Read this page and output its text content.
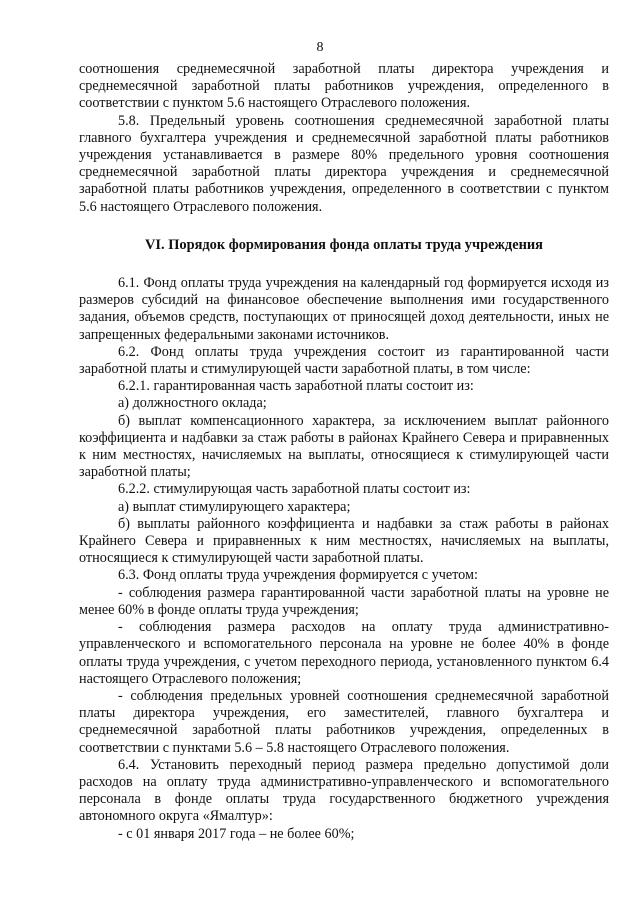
8

соотношения среднемесячной заработной платы директора учреждения и среднемесячной заработной платы работников учреждения, определенного в соответствии с пунктом 5.6 настоящего Отраслевого положения.

5.8. Предельный уровень соотношения среднемесячной заработной платы главного бухгалтера учреждения и среднемесячной заработной платы работников учреждения устанавливается в размере 80% предельного уровня соотношения среднемесячной заработной платы директора учреждения и среднемесячной заработной платы работников учреждения, определенного в соответствии с пунктом 5.6 настоящего Отраслевого положения.

VI. Порядок формирования фонда оплаты труда учреждения

6.1. Фонд оплаты труда учреждения на календарный год формируется исходя из размеров субсидий на финансовое обеспечение выполнения ими государственного задания, объемов средств, поступающих от приносящей доход деятельности, иных не запрещенных федеральными законами источников.

6.2. Фонд оплаты труда учреждения состоит из гарантированной части заработной платы и стимулирующей части заработной платы, в том числе:

6.2.1. гарантированная часть заработной платы состоит из:

а) должностного оклада;

б) выплат компенсационного характера, за исключением выплат районного коэффициента и надбавки за стаж работы в районах Крайнего Севера и приравненных к ним местностях, начисляемых на выплаты, относящиеся к стимулирующей части заработной платы;

6.2.2. стимулирующая часть заработной платы состоит из:

а) выплат стимулирующего характера;

б) выплаты районного коэффициента и надбавки за стаж работы в районах Крайнего Севера и приравненных к ним местностях, начисляемых на выплаты, относящиеся к стимулирующей части заработной платы.

6.3. Фонд оплаты труда учреждения формируется с учетом:

- соблюдения размера гарантированной части заработной платы на уровне не менее 60% в фонде оплаты труда учреждения;

- соблюдения размера расходов на оплату труда административно-управленческого и вспомогательного персонала на уровне не более 40% в фонде оплаты труда учреждения, с учетом переходного периода, установленного пунктом 6.4 настоящего Отраслевого положения;

- соблюдения предельных уровней соотношения среднемесячной заработной платы директора учреждения, его заместителей, главного бухгалтера и среднемесячной заработной платы работников учреждения, определенных в соответствии с пунктами 5.6 – 5.8 настоящего Отраслевого положения.

6.4. Установить переходный период размера предельно допустимой доли расходов на оплату труда административно-управленческого и вспомогательного персонала в фонде оплаты труда государственного бюджетного учреждения автономного округа «Ямалтур»:

- с 01 января 2017 года – не более 60%;
